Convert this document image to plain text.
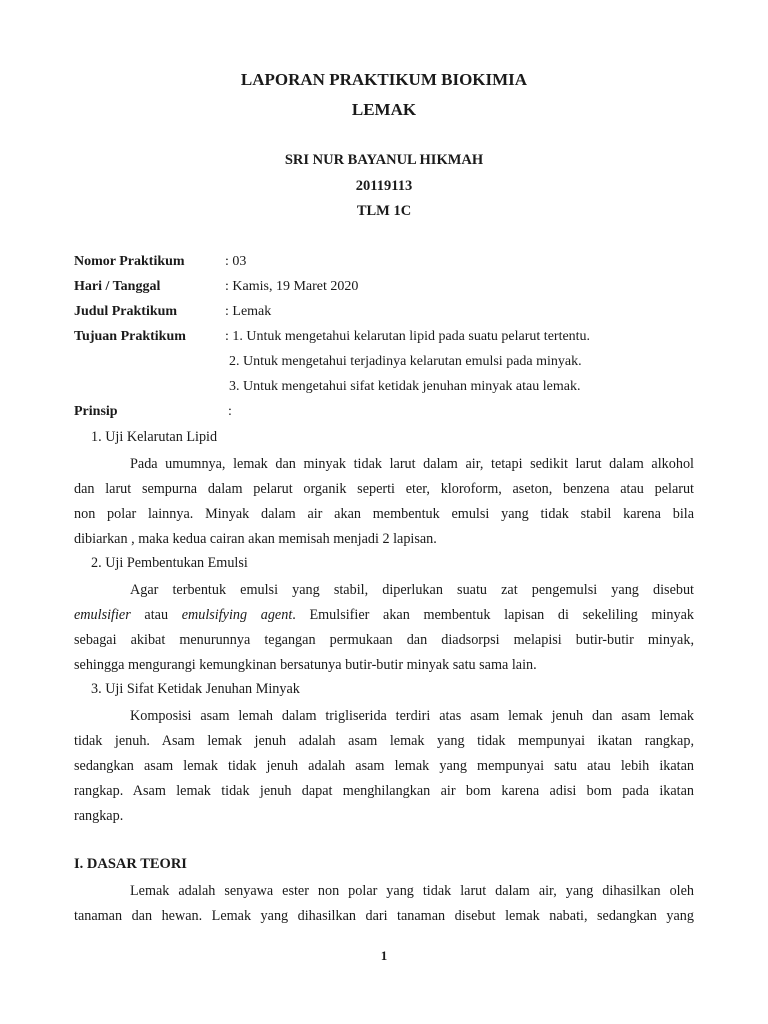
LAPORAN PRAKTIKUM BIOKIMIA
LEMAK
SRI NUR BAYANUL HIKMAH
20119113
TLM 1C
Nomor Praktikum	: 03
Hari / Tanggal	: Kamis, 19 Maret 2020
Judul Praktikum	: Lemak
Tujuan Praktikum	: 1. Untuk mengetahui kelarutan lipid pada suatu pelarut tertentu.
2. Untuk mengetahui terjadinya kelarutan emulsi pada minyak.
3. Untuk mengetahui sifat ketidak jenuhan minyak atau lemak.
Prinsip	:
1. Uji Kelarutan Lipid
Pada umumnya, lemak dan minyak tidak larut dalam air, tetapi sedikit larut dalam alkohol
dan larut sempurna dalam pelarut organik seperti eter, kloroform, aseton, benzena atau pelarut
non polar lainnya. Minyak dalam air akan membentuk emulsi yang tidak stabil karena bila
dibiarkan , maka kedua cairan akan memisah menjadi 2 lapisan.
2. Uji Pembentukan Emulsi
Agar terbentuk emulsi yang stabil, diperlukan suatu zat pengemulsi yang disebut
emulsifier atau emulsifying agent. Emulsifier akan membentuk lapisan di sekeliling minyak
sebagai akibat menurunnya tegangan permukaan dan diadsorpsi melapisi butir-butir minyak,
sehingga mengurangi kemungkinan bersatunya butir-butir minyak satu sama lain.
3. Uji Sifat Ketidak Jenuhan Minyak
Komposisi asam lemah dalam trigliserida terdiri atas asam lemak jenuh dan asam lemak
tidak jenuh. Asam lemak jenuh adalah asam lemak yang tidak mempunyai ikatan rangkap,
sedangkan asam lemak tidak jenuh adalah asam lemak yang mempunyai satu atau lebih ikatan
rangkap. Asam lemak tidak jenuh dapat menghilangkan air bom karena adisi bom pada ikatan
rangkap.
I. DASAR TEORI
Lemak adalah senyawa ester non polar yang tidak larut dalam air, yang dihasilkan oleh
tanaman dan hewan. Lemak yang dihasilkan dari tanaman disebut lemak nabati, sedangkan yang
1
